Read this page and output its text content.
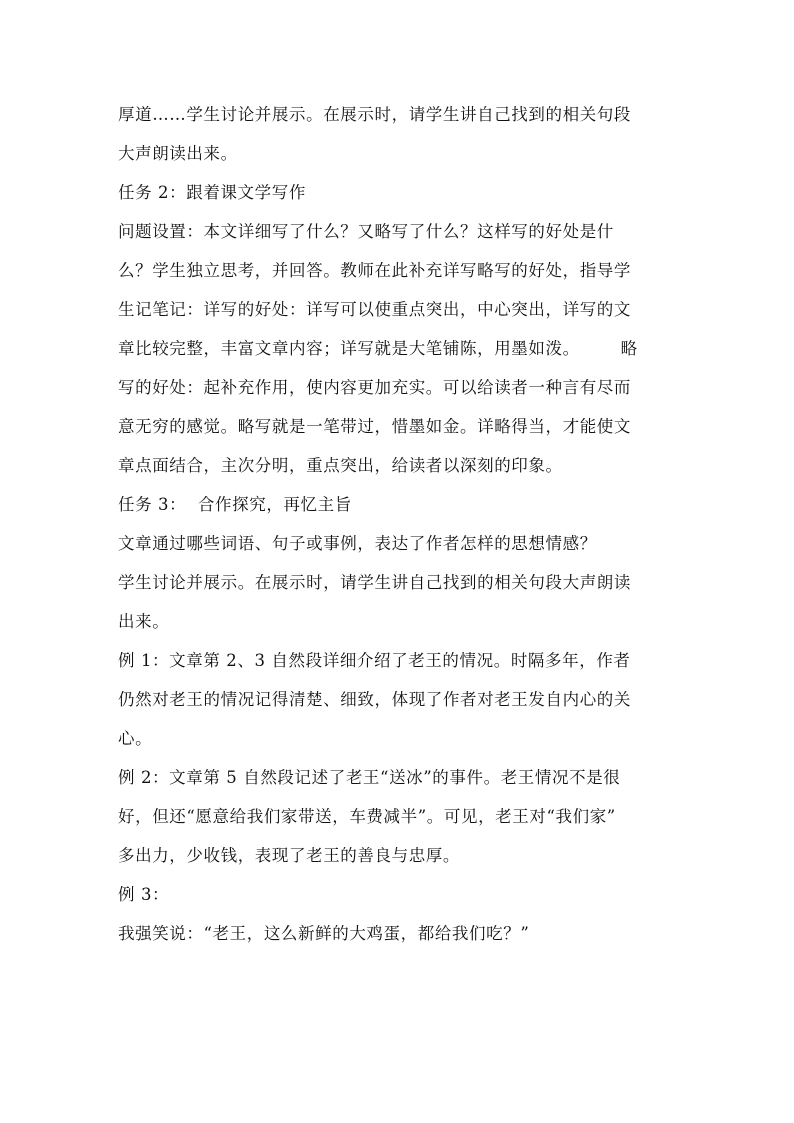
厚道……学生讨论并展示。在展示时，请学生讲自己找到的相关句段
大声朗读出来。
任务 2：跟着课文学写作
问题设置：本文详细写了什么？又略写了什么？这样写的好处是什
么？学生独立思考，并回答。教师在此补充详写略写的好处，指导学
生记笔记：详写的好处：详写可以使重点突出，中心突出，详写的文
章比较完整，丰富文章内容；详写就是大笔铺陈，用墨如泼。       略
写的好处：起补充作用，使内容更加充实。可以给读者一种言有尽而
意无穷的感觉。略写就是一笔带过，惜墨如金。详略得当，才能使文
章点面结合，主次分明，重点突出，给读者以深刻的印象。
任务 3：  合作探究，再忆主旨
文章通过哪些词语、句子或事例，表达了作者怎样的思想情感？
学生讨论并展示。在展示时，请学生讲自己找到的相关句段大声朗读
出来。
例 1：文章第 2、3 自然段详细介绍了老王的情况。时隔多年，作者
仍然对老王的情况记得清楚、细致，体现了作者对老王发自内心的关
心。
例 2：文章第 5 自然段记述了老王“送冰”的事件。老王情况不是很
好，但还“愿意给我们家带送，车费减半”。可见，老王对“我们家”
多出力，少收钱，表现了老王的善良与忠厚。
例 3：
我强笑说：“老王，这么新鲜的大鸡蛋，都给我们吃？”
